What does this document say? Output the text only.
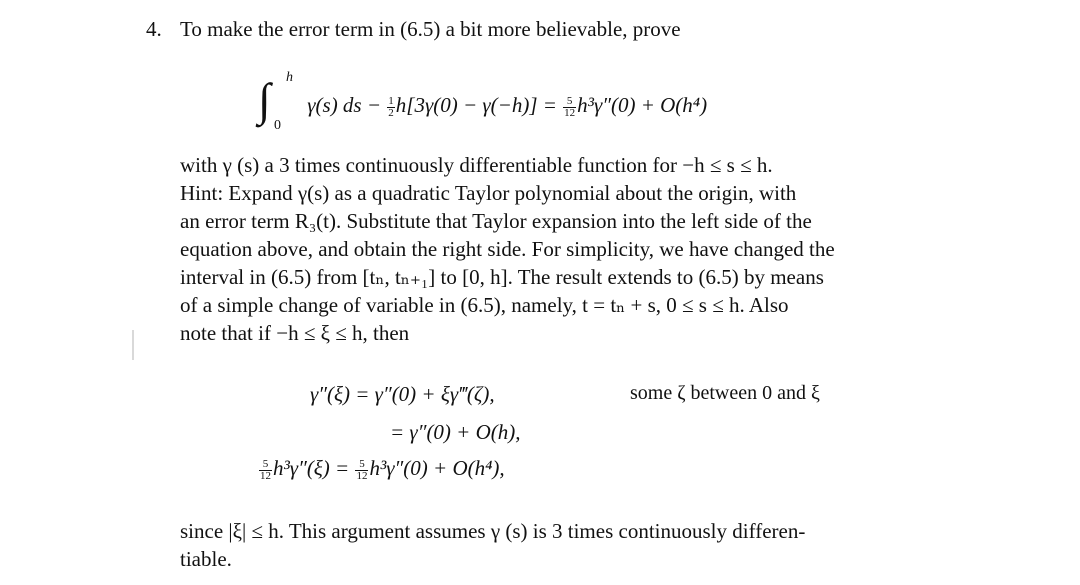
4. To make the error term in (6.5) a bit more believable, prove
∫ h
0
γ(s) ds − $\frac{1}{2} h[3\gamma(0) - \gamma(-h)] = \frac{5}{12} h^3\gamma''(0) + O(h^4)$
with γ (s) a 3 times continuously differentiable function for −h ≤ s ≤ h.
Hint: Expand γ(s) as a quadratic Taylor polynomial about the origin, with
an error term R₃(t). Substitute that Taylor expansion into the left side of the
equation above, and obtain the right side. For simplicity, we have changed the
interval in (6.5) from [tₙ, tₙ₊₁] to [0, h]. The result extends to (6.5) by means
of a simple change of variable in (6.5), namely, t = tₙ + s, 0 ≤ s ≤ h. Also
note that if −h ≤ ξ ≤ h, then
γ″(ξ) = γ″(0) + ξγ‴(ζ),	some ζ between 0 and ξ
= γ″(0) + O(h),
$\frac{5}{12} h^3\gamma''(\xi) = \frac{5}{12} h^3\gamma''(0) + O(h^4)$,
since |ξ| ≤ h. This argument assumes γ (s) is 3 times continuously differen-
tiable.
